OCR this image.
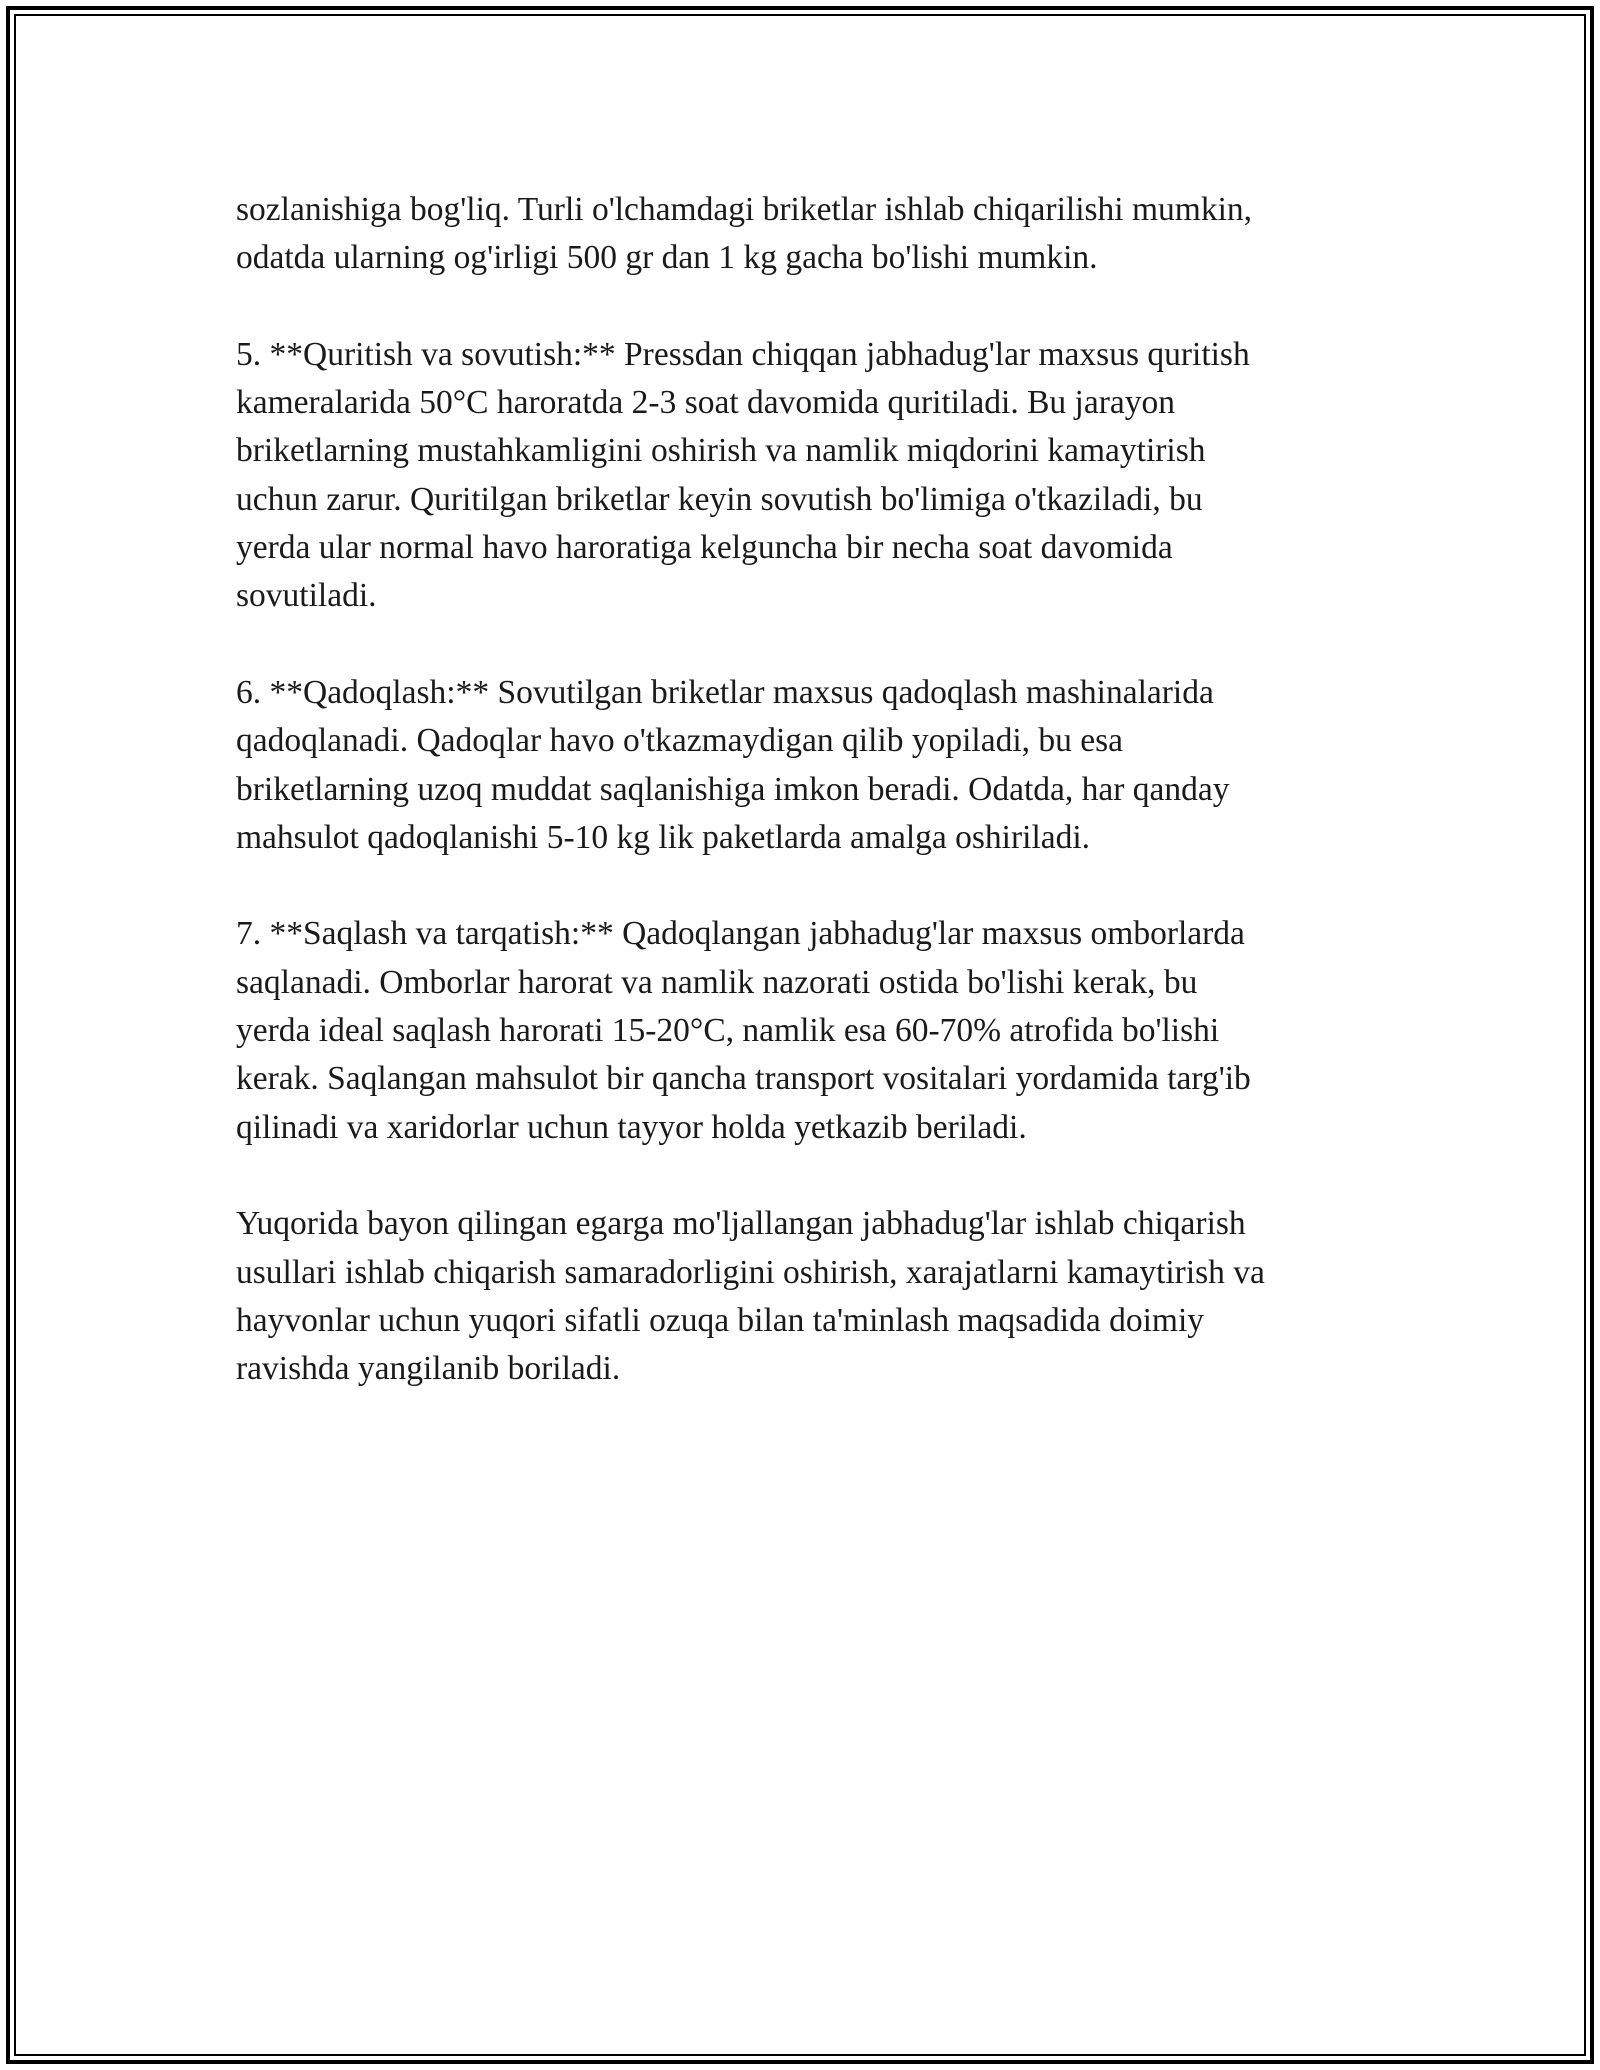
sozlanishiga bog'liq. Turli o'lchamdagi briketlar ishlab chiqarilishi mumkin,
odatda ularning og'irligi 500 gr dan 1 kg gacha bo'lishi mumkin.

5. **Quritish va sovutish:** Pressdan chiqqan jabhadug'lar maxsus quritish
kameralarida 50°C haroratda 2-3 soat davomida quritiladi. Bu jarayon
briketlarning mustahkamligini oshirish va namlik miqdorini kamaytirish
uchun zarur. Quritilgan briketlar keyin sovutish bo'limiga o'tkaziladi, bu
yerda ular normal havo haroratiga kelguncha bir necha soat davomida
sovutiladi.

6. **Qadoqlash:** Sovutilgan briketlar maxsus qadoqlash mashinalarida
qadoqlanadi. Qadoqlar havo o'tkazmaydigan qilib yopiladi, bu esa
briketlarning uzoq muddat saqlanishiga imkon beradi. Odatda, har qanday
mahsulot qadoqlanishi 5-10 kg lik paketlarda amalga oshiriladi.

7. **Saqlash va tarqatish:** Qadoqlangan jabhadug'lar maxsus omborlarda
saqlanadi. Omborlar harorat va namlik nazorati ostida bo'lishi kerak, bu
yerda ideal saqlash harorati 15-20°C, namlik esa 60-70% atrofida bo'lishi
kerak. Saqlangan mahsulot bir qancha transport vositalari yordamida targ'ib
qilinadi va xaridorlar uchun tayyor holda yetkazib beriladi.

Yuqorida bayon qilingan egarga mo'ljallangan jabhadug'lar ishlab chiqarish
usullari ishlab chiqarish samaradorligini oshirish, xarajatlarni kamaytirish va
hayvonlar uchun yuqori sifatli ozuqa bilan ta'minlash maqsadida doimiy
ravishda yangilanib boriladi.
